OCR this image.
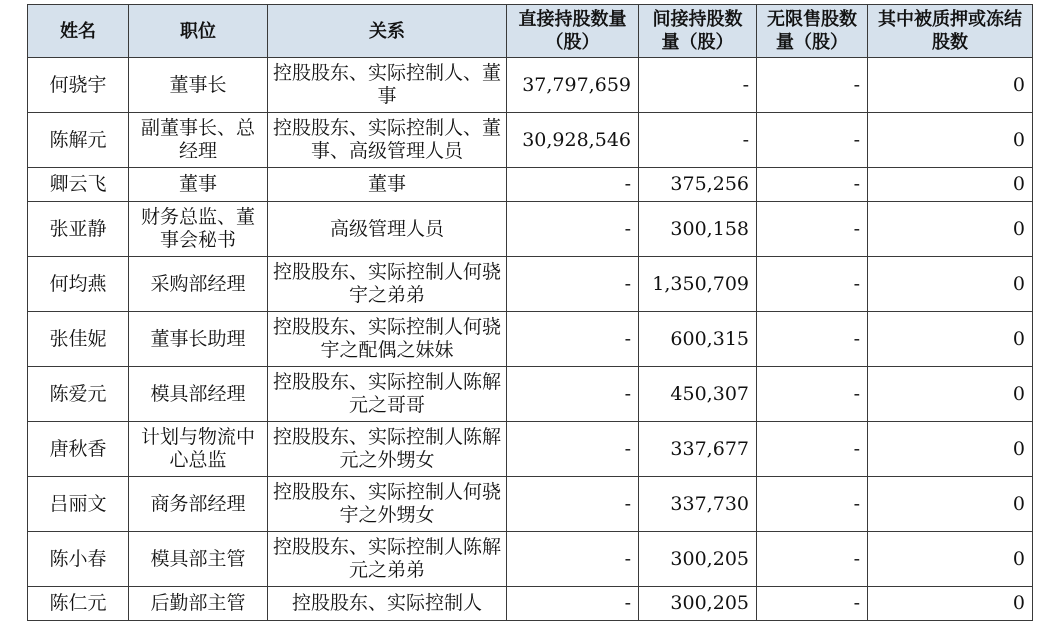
姓名	职位	关系	直接持股数量（股）	间接持股数量（股）	无限售股数量（股）	其中被质押或冻结股数
何骁宇	董事长	控股股东、实际控制人、董事	37,797,659	-	-	0
陈解元	副董事长、总经理	控股股东、实际控制人、董事、高级管理人员	30,928,546	-	-	0
卿云飞	董事	董事	-	375,256	-	0
张亚静	财务总监、董事会秘书	高级管理人员	-	300,158	-	0
何均燕	采购部经理	控股股东、实际控制人何骁宇之弟弟	-	1,350,709	-	0
张佳妮	董事长助理	控股股东、实际控制人何骁宇之配偶之妹妹	-	600,315	-	0
陈爱元	模具部经理	控股股东、实际控制人陈解元之哥哥	-	450,307	-	0
唐秋香	计划与物流中心总监	控股股东、实际控制人陈解元之外甥女	-	337,677	-	0
吕丽文	商务部经理	控股股东、实际控制人何骁宇之外甥女	-	337,730	-	0
陈小春	模具部主管	控股股东、实际控制人陈解元之弟弟	-	300,205	-	0
陈仁元	后勤部主管	控股股东、实际控制人	-	300,205	-	0
